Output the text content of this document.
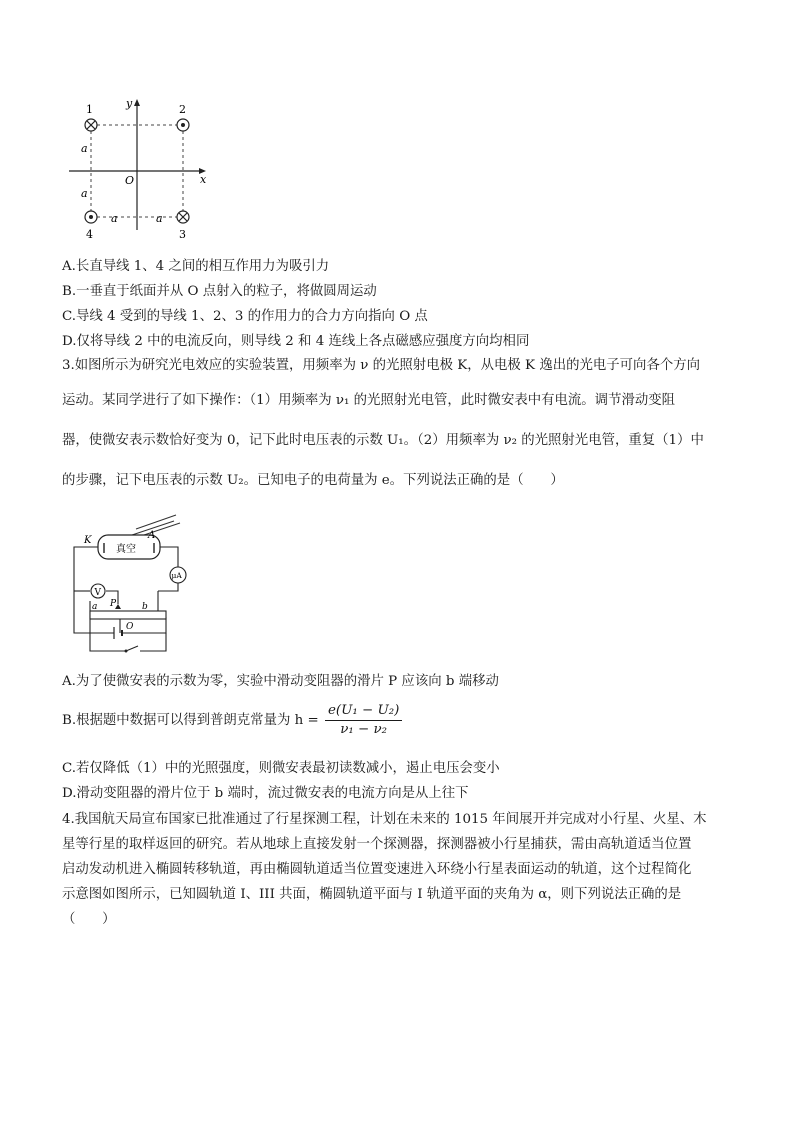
1	2
3
4
y
x
O
a
a
a	a
A.长直导线 1、4 之间的相互作用力为吸引力
B.一垂直于纸面并从 O 点射入的粒子，将做圆周运动
C.导线 4 受到的导线 1、2、3 的作用力的合力方向指向 O 点
D.仅将导线 2 中的电流反向，则导线 2 和 4 连线上各点磁感应强度方向均相同
3.如图所示为研究光电效应的实验装置，用频率为 ν 的光照射电极 K，从电极 K 逸出的光电子可向各个方向
运动。某同学进行了如下操作：（1）用频率为 ν₁ 的光照射光电管，此时微安表中有电流。调节滑动变阻
器，使微安表示数恰好变为 0，记下此时电压表的示数 U₁。（2）用频率为 ν₂ 的光照射光电管，重复（1）中
的步骤，记下电压表的示数 U₂。已知电子的电荷量为 e。下列说法正确的是（　　）
K	A
真空
V
μA
P
a	b
O
A.为了使微安表的示数为零，实验中滑动变阻器的滑片 P 应该向 b 端移动
B.根据题中数据可以得到普朗克常量为 $h = \frac{\text{e(U₁ − U₂)}}{\text{ν₁ − ν₂}}$
C.若仅降低（1）中的光照强度，则微安表最初读数减小，遏止电压会变小
D.滑动变阻器的滑片位于 b 端时，流过微安表的电流方向是从上往下
4.我国航天局宣布国家已批准通过了行星探测工程，计划在未来的 1015 年间展开并完成对小行星、火星、木
星等行星的取样返回的研究。若从地球上直接发射一个探测器，探测器被小行星捕获，需由高轨道适当位置
启动发动机进入椭圆转移轨道，再由椭圆轨道适当位置变速进入环绕小行星表面运动的轨道，这个过程简化
示意图如图所示，已知圆轨道 I、III 共面，椭圆轨道平面与 I 轨道平面的夹角为 α，则下列说法正确的是
（　　）
